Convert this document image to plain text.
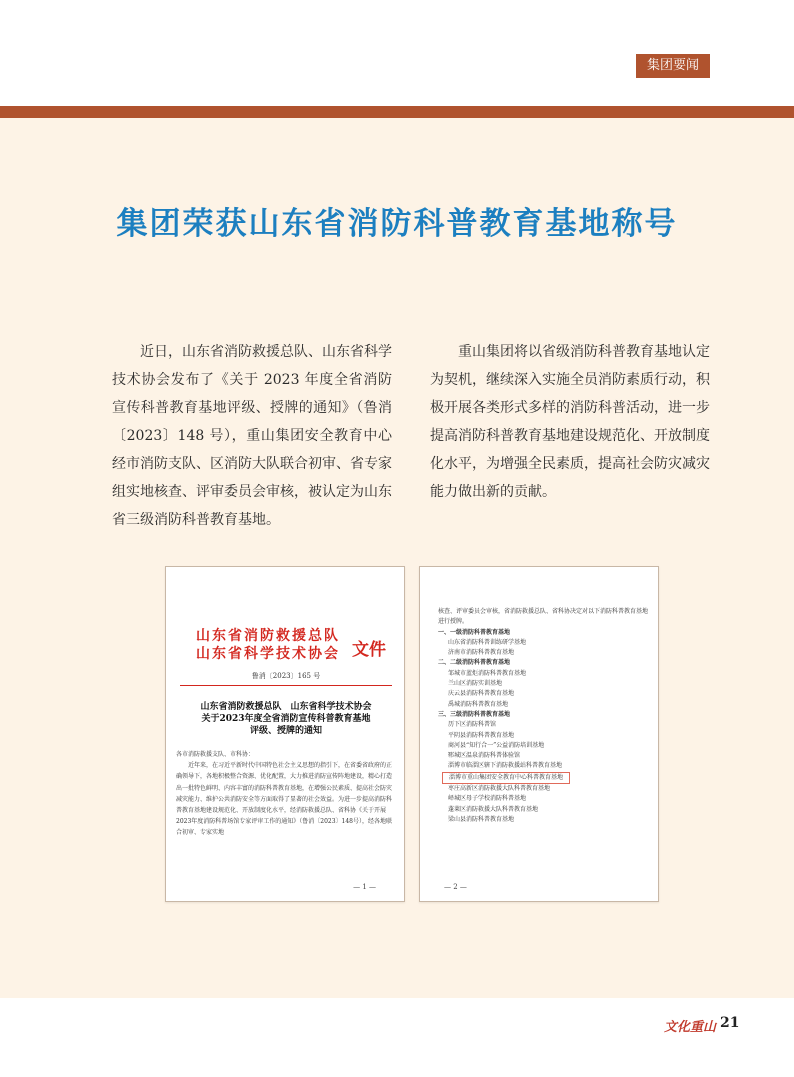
集团要闻
集团荣获山东省消防科普教育基地称号

近日，山东省消防救援总队、山东省科学技术协会发布了《关于 2023 年度全省消防宣传科普教育基地评级、授牌的通知》（鲁消〔2023〕148 号），重山集团安全教育中心经市消防支队、区消防大队联合初审、省专家组实地核查、评审委员会审核，被认定为山东省三级消防科普教育基地。

重山集团将以省级消防科普教育基地认定为契机，继续深入实施全员消防素质行动，积极开展各类形式多样的消防科普活动，进一步提高消防科普教育基地建设规范化、开放制度化水平，为增强全民素质，提高社会防灾减灾能力做出新的贡献。

山东省消防救援总队
山东省科学技术协会 文件
鲁消〔2023〕165 号
山东省消防救援总队　山东省科学技术协会
关于2023年度全省消防宣传科普教育基地
评级、授牌的通知

各市消防救援支队、市科协：

近年来，在习近平新时代中国特色社会主义思想的指引下，在省委省政府的正确领导下，各地积极整合资源、优化配置，大力推进消防宣传阵地建设，精心打造出一批特色鲜明、内容丰富的消防科普教育基地，在增强公民素质、提高社会防灾减灾能力、维护公共消防安全等方面取得了显著的社会效益。为进一步提高消防科普教育基地建设规范化、开放制度化水平，经消防救援总队、省科协《关于开展2023年度消防科普场馆专家评审工作的通知》（鲁消〔2023〕148号），经各地联合初审、专家实地

— 1 —
核查、评审委员会审核，省消防救援总队、省科协决定对以下消防科普教育基地进行授牌。
一、一级消防科普教育基地
山东省消防科普训练研学基地
济南市消防科普教育基地
二、二级消防科普教育基地
邹城市蓝炬消防科普教育基地
兰山区消防实训基地
庆云县消防科普教育基地
禹城消防科普教育基地
三、三级消防科普教育基地
历下区消防科普馆
平阴县消防科普教育基地
商河县“知行合一”公益消防培训基地
郓城区温泉消防科普体验馆
淄博市临淄区辖下消防救援站科普教育基地
淄博市重山集团安全教育中心科普教育基地
枣庄高新区消防救援大队科普教育基地
峄城区母子学校消防科普基地
蓬莱区消防救援大队科普教育基地
梁山县消防科普教育基地
— 2 —
文化重山 21
